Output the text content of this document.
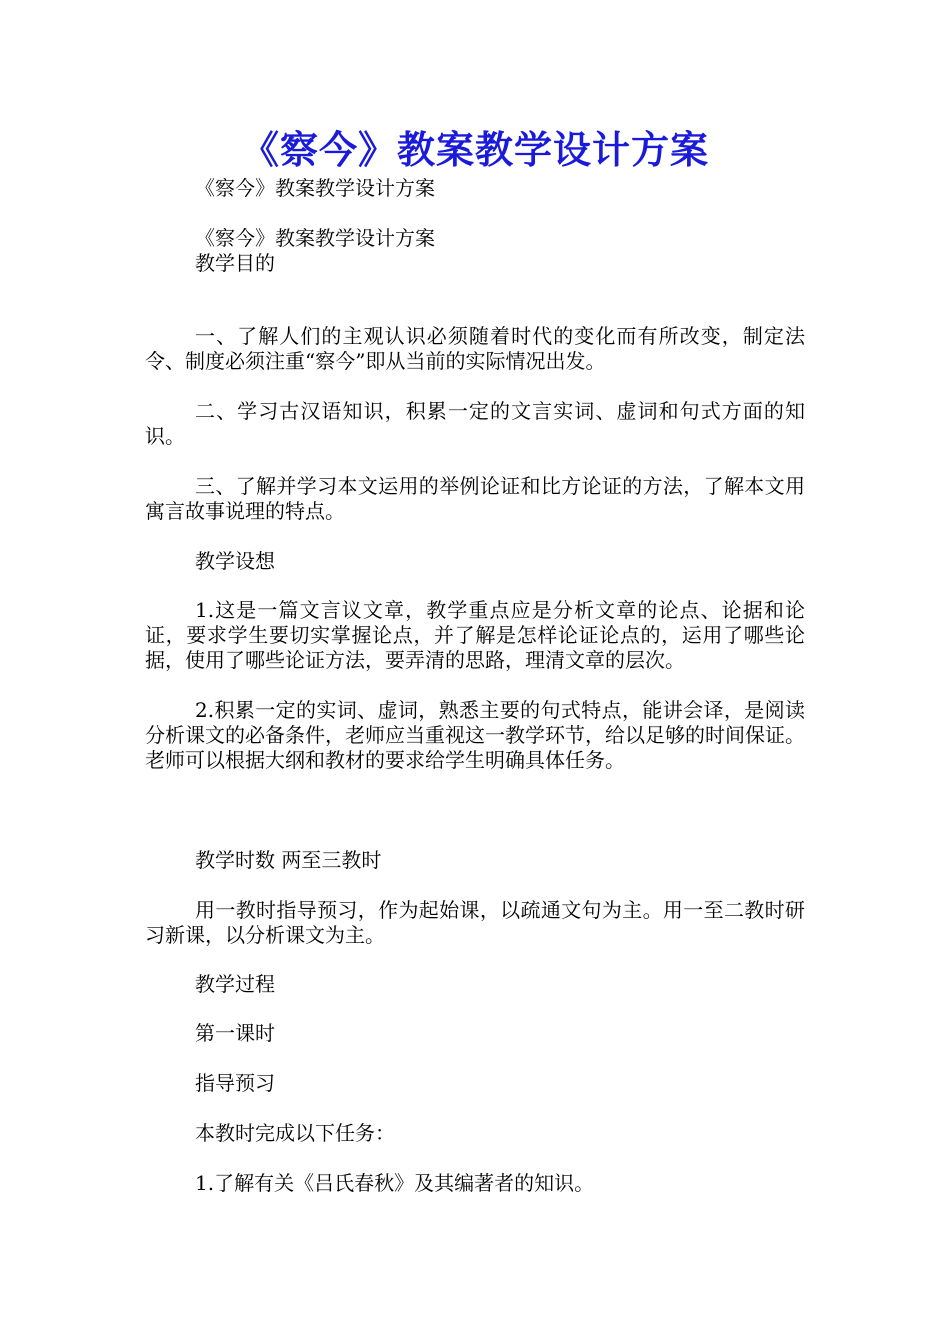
《察今》教案教学设计方案

《察今》教案教学设计方案

《察今》教案教学设计方案

教学目的

一、了解人们的主观认识必须随着时代的变化而有所改变，制定法令、制度必须注重“察今”即从当前的实际情况出发。

二、学习古汉语知识，积累一定的文言实词、虚词和句式方面的知识。

三、了解并学习本文运用的举例论证和比方论证的方法，了解本文用寓言故事说理的特点。

教学设想

1.这是一篇文言议文章，教学重点应是分析文章的论点、论据和论证，要求学生要切实掌握论点，并了解是怎样论证论点的，运用了哪些论据，使用了哪些论证方法，要弄清的思路，理清文章的层次。

2.积累一定的实词、虚词，熟悉主要的句式特点，能讲会译，是阅读分析课文的必备条件，老师应当重视这一教学环节，给以足够的时间保证。老师可以根据大纲和教材的要求给学生明确具体任务。

教学时数 两至三教时

用一教时指导预习，作为起始课，以疏通文句为主。用一至二教时研习新课，以分析课文为主。

教学过程

第一课时

指导预习

本教时完成以下任务：

1.了解有关《吕氏春秋》及其编著者的知识。
